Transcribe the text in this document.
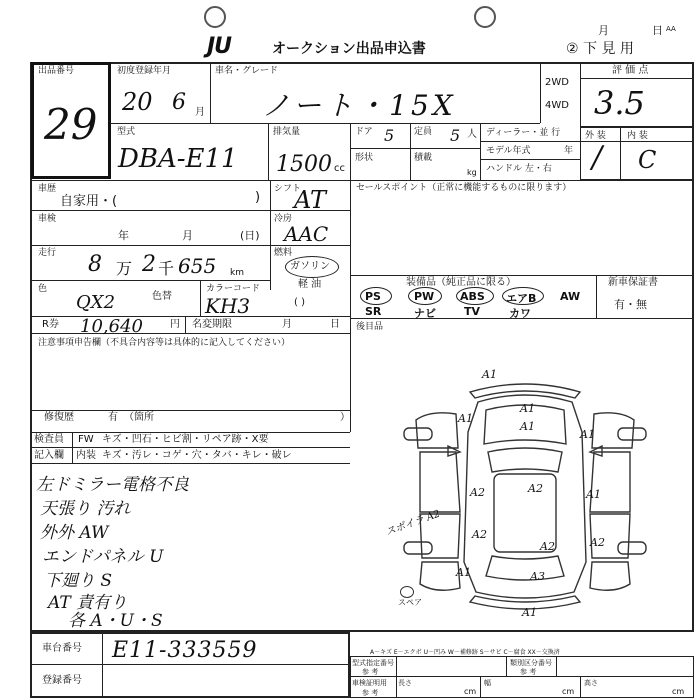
JU	オークション出品申込書
月	日 AA
② 下 見 用
出品番号
29
初度登録年月
20 6 月
車名・グレード
ノート・15X
2WD
4WD
評 価 点
3.5
型式
DBA-E11
排気量
1500 cc
ドア 5 定員 5 人
形状	積載
kg
ディーラー・並 行
モデル年式	年
ハンドル 左・右
外 装
/
内 装
C
車歴
自家用・(	)
シフト
AT	セールスポイント（正常に機能するものに限ります）
車検
年	月	(日)
冷房
AAC
走行 8 万 2 千 655 km
燃料
ガソリン
軽 油
( )
色
QX2	色替
カラーコード
KH3
装備品（純正品に限る）	新車保証書
有・無
PS	PW ABS エアB AW
SR	ナビ	TV	カワ
R券 10,640	円 名変期限	月	日 後目品
注意事項申告欄（不具合内容等は具体的に記入してください）
修復歴	有 （箇所	）
検査員 FW キズ・凹石・ヒビ割・リペア跡・X要
記入欄 内装 キズ・汚レ・コゲ・穴・タバ・キレ・破レ
左ドミラー電格不良
天張り 汚れ
外外 AW
エンドパネル U
下廻り S
AT 責有り
各 A・U・S
A1
A1
A1
A1
A1
A2	A2
A2
A2
A2
A3
A1
A1
A1
スポイラ A2
スペア
A－キズ E－エクボ U－凹み W－補修跡 S－サビ C－腐食 XX－交換済
車台番号 E11-333559
登録番号
型式指定番号
参 考
類別区分番号
参 考
車検証明用
参 考
長さ
cm
幅
cm
高さ
cm
